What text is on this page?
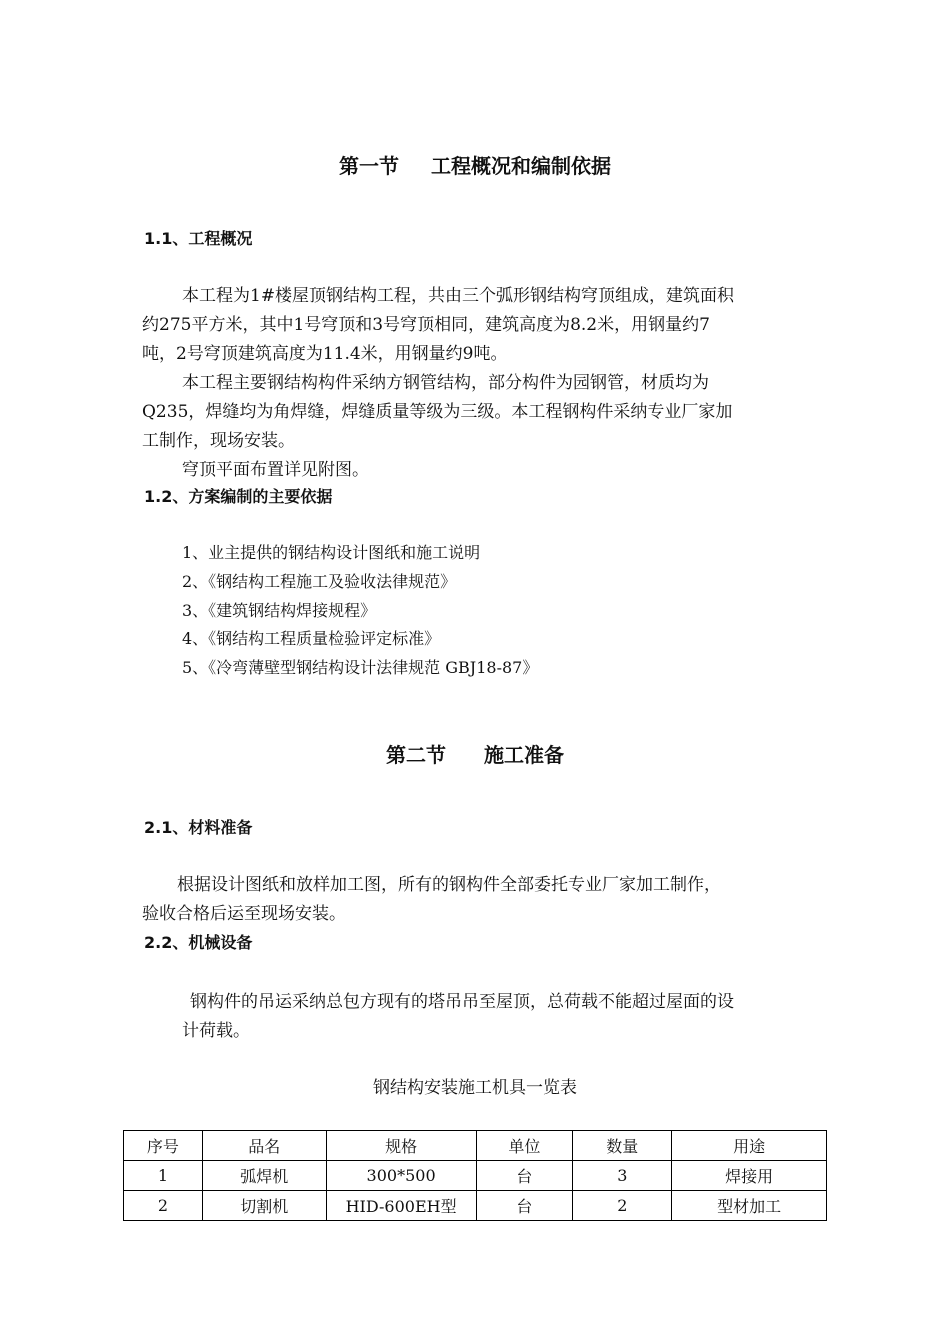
第一节 工程概况和编制依据
1.1、工程概况
本工程为1#楼屋顶钢结构工程，共由三个弧形钢结构穹顶组成，建筑面积
约275平方米，其中1号穹顶和3号穹顶相同，建筑高度为8.2米，用钢量约7
吨，2号穹顶建筑高度为11.4米，用钢量约9吨。
本工程主要钢结构构件采纳方钢管结构，部分构件为园钢管，材质均为
Q235，焊缝均为角焊缝，焊缝质量等级为三级。本工程钢构件采纳专业厂家加
工制作，现场安装。
穹顶平面布置详见附图。
1.2、方案编制的主要依据
1、业主提供的钢结构设计图纸和施工说明
2、《钢结构工程施工及验收法律规范》
3、《建筑钢结构焊接规程》
4、《钢结构工程质量检验评定标准》
5、《冷弯薄壁型钢结构设计法律规范 GBJ18-87》
第二节 施工准备
2.1、材料准备
根据设计图纸和放样加工图，所有的钢构件全部委托专业厂家加工制作，
验收合格后运至现场安装。
2.2、机械设备
钢构件的吊运采纳总包方现有的塔吊吊至屋顶，总荷载不能超过屋面的设
计荷载。
钢结构安装施工机具一览表
序号	品名	规格	单位	数量	用途
1	弧焊机	300*500	台	3	焊接用
2	切割机	HID-600EH型	台	2	型材加工
